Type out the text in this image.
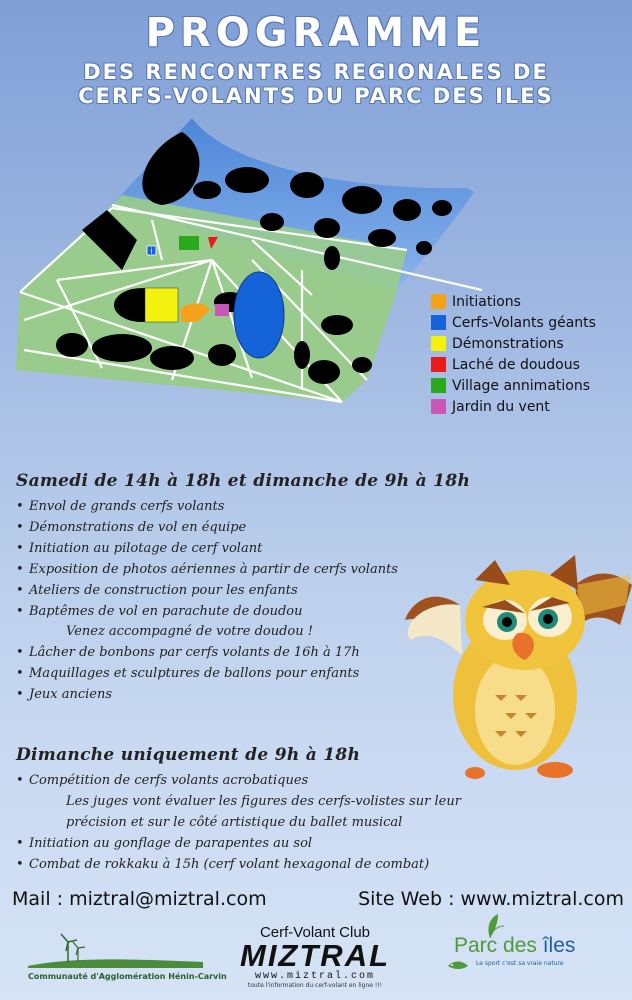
PROGRAMME
DES RENCONTRES REGIONALES DE
CERFS-VOLANTS DU PARC DES ILES
i
Initiations
Cerfs-Volants géants
Démonstrations
Laché de doudous
Village annimations
Jardin du vent
Samedi de 14h à 18h et dimanche de 9h à 18h
• Envol de grands cerfs volants
• Démonstrations de vol en équipe
• Initiation au pilotage de cerf volant
• Exposition de photos aériennes à partir de cerfs volants
• Ateliers de construction pour les enfants
• Baptêmes de vol en parachute de doudou
Venez accompagné de votre doudou !
• Lâcher de bonbons par cerfs volants de 16h à 17h
• Maquillages et sculptures de ballons pour enfants
• Jeux anciens
Dimanche uniquement de 9h à 18h
• Compétition de cerfs volants acrobatiques
Les juges vont évaluer les figures des cerfs-volistes sur leur
précision et sur le côté artistique du ballet musical
• Initiation au gonflage de parapentes au sol
• Combat de rokkaku à 15h (cerf volant hexagonal de combat)
Mail : miztral@miztral.com	Site Web : www.miztral.com
Communauté d'Agglomération Hénin-Carvin
Cerf-Volant Club
MIZTRAL
www.miztral.com
toute l'information du cerf-volant en ligne !!!
Parc des îles
Le sport c'est sa vraie nature
